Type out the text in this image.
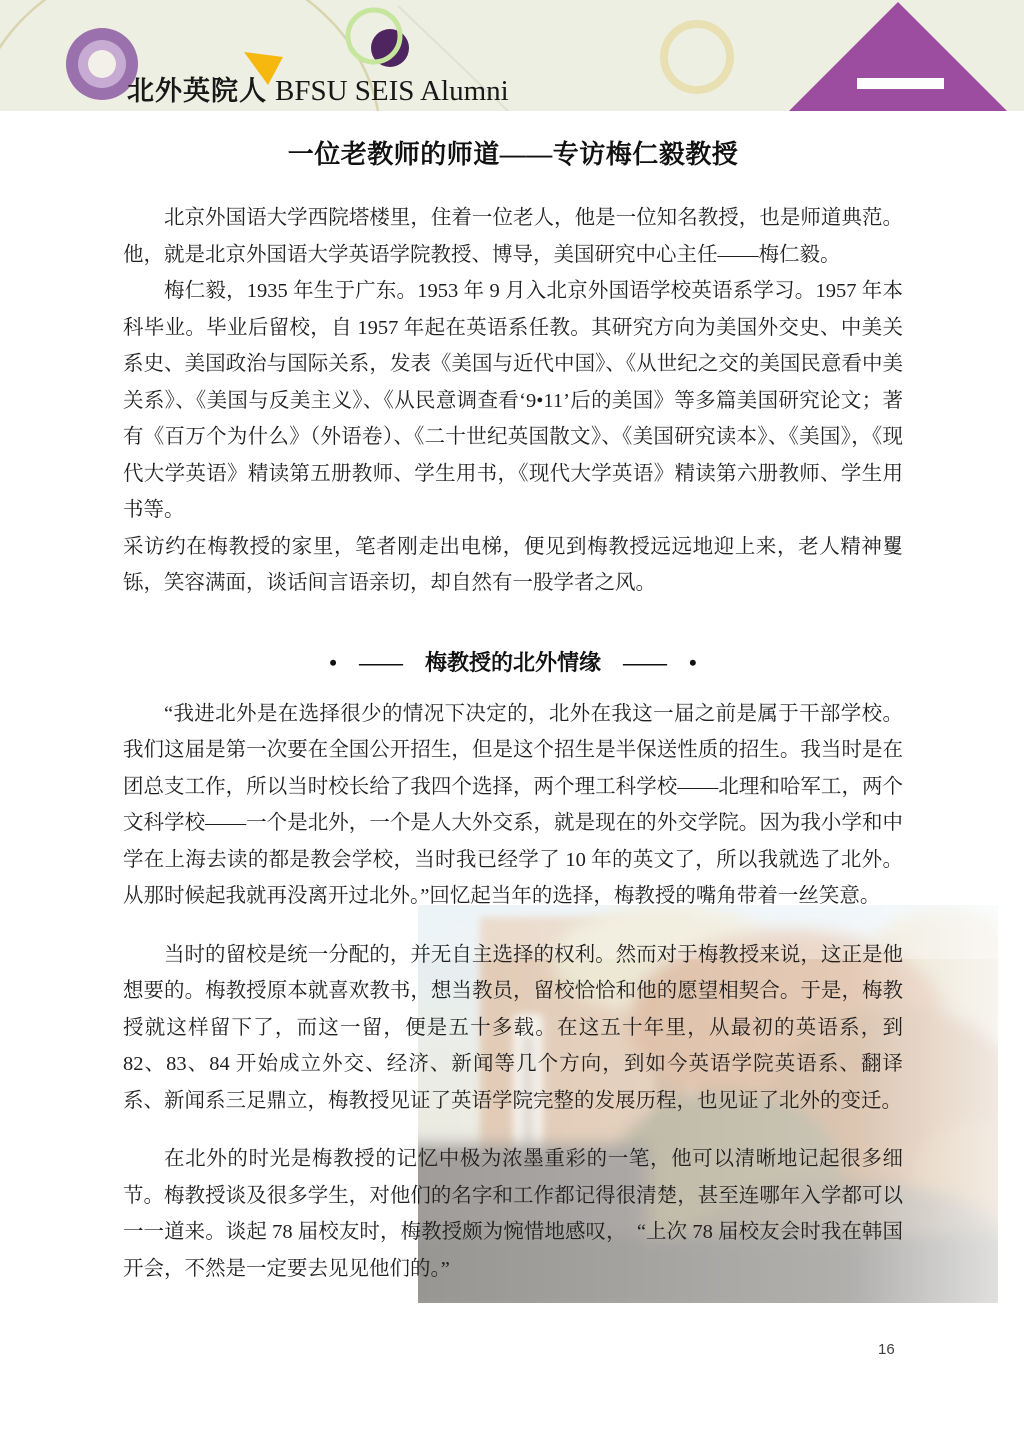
北外英院人 BFSU SEIS Alumni
一位老教师的师道——专访梅仁毅教授

北京外国语大学西院塔楼里，住着一位老人，他是一位知名教授，也是师道典范。他，就是北京外国语大学英语学院教授、博导，美国研究中心主任——梅仁毅。

梅仁毅，1935 年生于广东。1953 年 9 月入北京外国语学校英语系学习。1957 年本科毕业。毕业后留校，自 1957 年起在英语系任教。其研究方向为美国外交史、中美关系史、美国政治与国际关系，发表《美国与近代中国》、《从世纪之交的美国民意看中美关系》、《美国与反美主义》、《从民意调查看‘9•11’后的美国》等多篇美国研究论文；著有《百万个为什么》（外语卷）、《二十世纪英国散文》、《美国研究读本》、《美国》，《现代大学英语》精读第五册教师、学生用书，《现代大学英语》精读第六册教师、学生用书等。

采访约在梅教授的家里，笔者刚走出电梯，便见到梅教授远远地迎上来，老人精神矍铄，笑容满面，谈话间言语亲切，却自然有一股学者之风。

•　——　梅教授的北外情缘　——　•

“我进北外是在选择很少的情况下决定的，北外在我这一届之前是属于干部学校。我们这届是第一次要在全国公开招生，但是这个招生是半保送性质的招生。我当时是在团总支工作，所以当时校长给了我四个选择，两个理工科学校——北理和哈军工，两个文科学校——一个是北外，一个是人大外交系，就是现在的外交学院。因为我小学和中学在上海去读的都是教会学校，当时我已经学了 10 年的英文了，所以我就选了北外。从那时候起我就再没离开过北外。”回忆起当年的选择，梅教授的嘴角带着一丝笑意。

当时的留校是统一分配的，并无自主选择的权利。然而对于梅教授来说，这正是他想要的。梅教授原本就喜欢教书，想当教员，留校恰恰和他的愿望相契合。于是，梅教授就这样留下了，而这一留，便是五十多载。在这五十年里，从最初的英语系，到 82、83、84 开始成立外交、经济、新闻等几个方向，到如今英语学院英语系、翻译系、新闻系三足鼎立，梅教授见证了英语学院完整的发展历程，也见证了北外的变迁。

在北外的时光是梅教授的记忆中极为浓墨重彩的一笔，他可以清晰地记起很多细节。梅教授谈及很多学生，对他们的名字和工作都记得很清楚，甚至连哪年入学都可以一一道来。谈起 78 届校友时，梅教授颇为惋惜地感叹，　“上次 78 届校友会时我在韩国开会，不然是一定要去见见他们的。”

16
